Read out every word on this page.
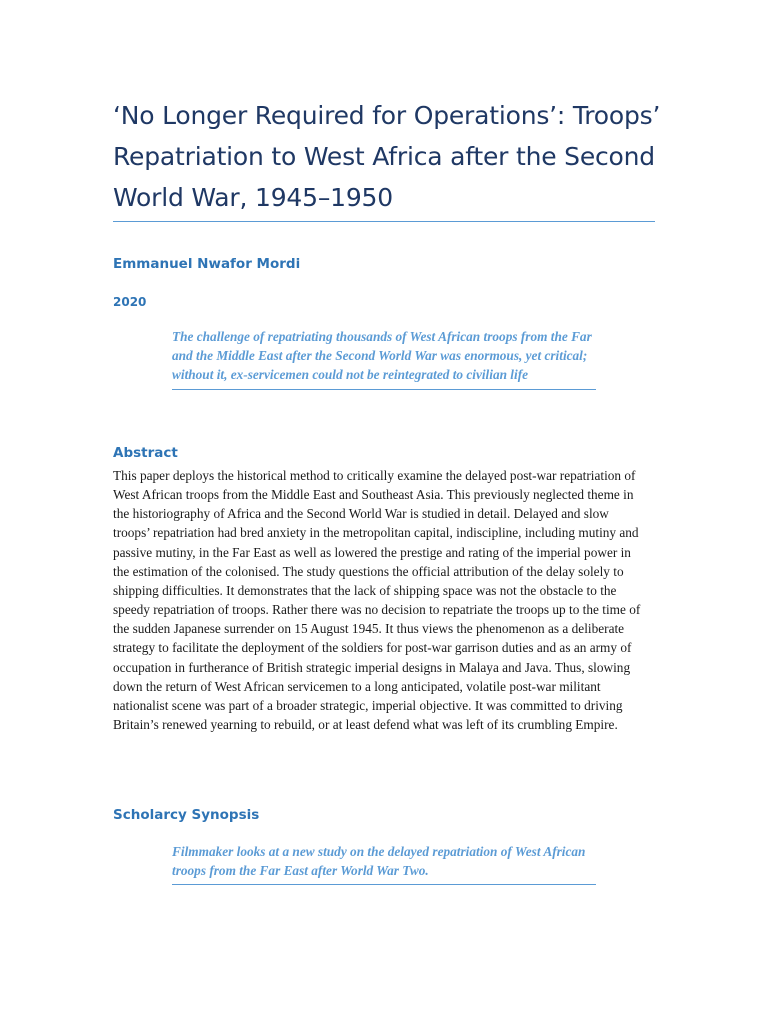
‘No Longer Required for Operations’: Troops’ Repatriation to West Africa after the Second World War, 1945–1950
Emmanuel Nwafor Mordi
2020
The challenge of repatriating thousands of West African troops from the Far and the Middle East after the Second World War was enormous, yet critical; without it, ex-servicemen could not be reintegrated to civilian life
Abstract

This paper deploys the historical method to critically examine the delayed post-war repatriation of West African troops from the Middle East and Southeast Asia. This previously neglected theme in the historiography of Africa and the Second World War is studied in detail. Delayed and slow troops’ repatriation had bred anxiety in the metropolitan capital, indiscipline, including mutiny and passive mutiny, in the Far East as well as lowered the prestige and rating of the imperial power in the estimation of the colonised. The study questions the official attribution of the delay solely to shipping difficulties. It demonstrates that the lack of shipping space was not the obstacle to the speedy repatriation of troops. Rather there was no decision to repatriate the troops up to the time of the sudden Japanese surrender on 15 August 1945. It thus views the phenomenon as a deliberate strategy to facilitate the deployment of the soldiers for post-war garrison duties and as an army of occupation in furtherance of British strategic imperial designs in Malaya and Java. Thus, slowing down the return of West African servicemen to a long anticipated, volatile post-war militant nationalist scene was part of a broader strategic, imperial objective. It was committed to driving Britain’s renewed yearning to rebuild, or at least defend what was left of its crumbling Empire.

Scholarcy Synopsis
Filmmaker looks at a new study on the delayed repatriation of West African troops from the Far East after World War Two.
